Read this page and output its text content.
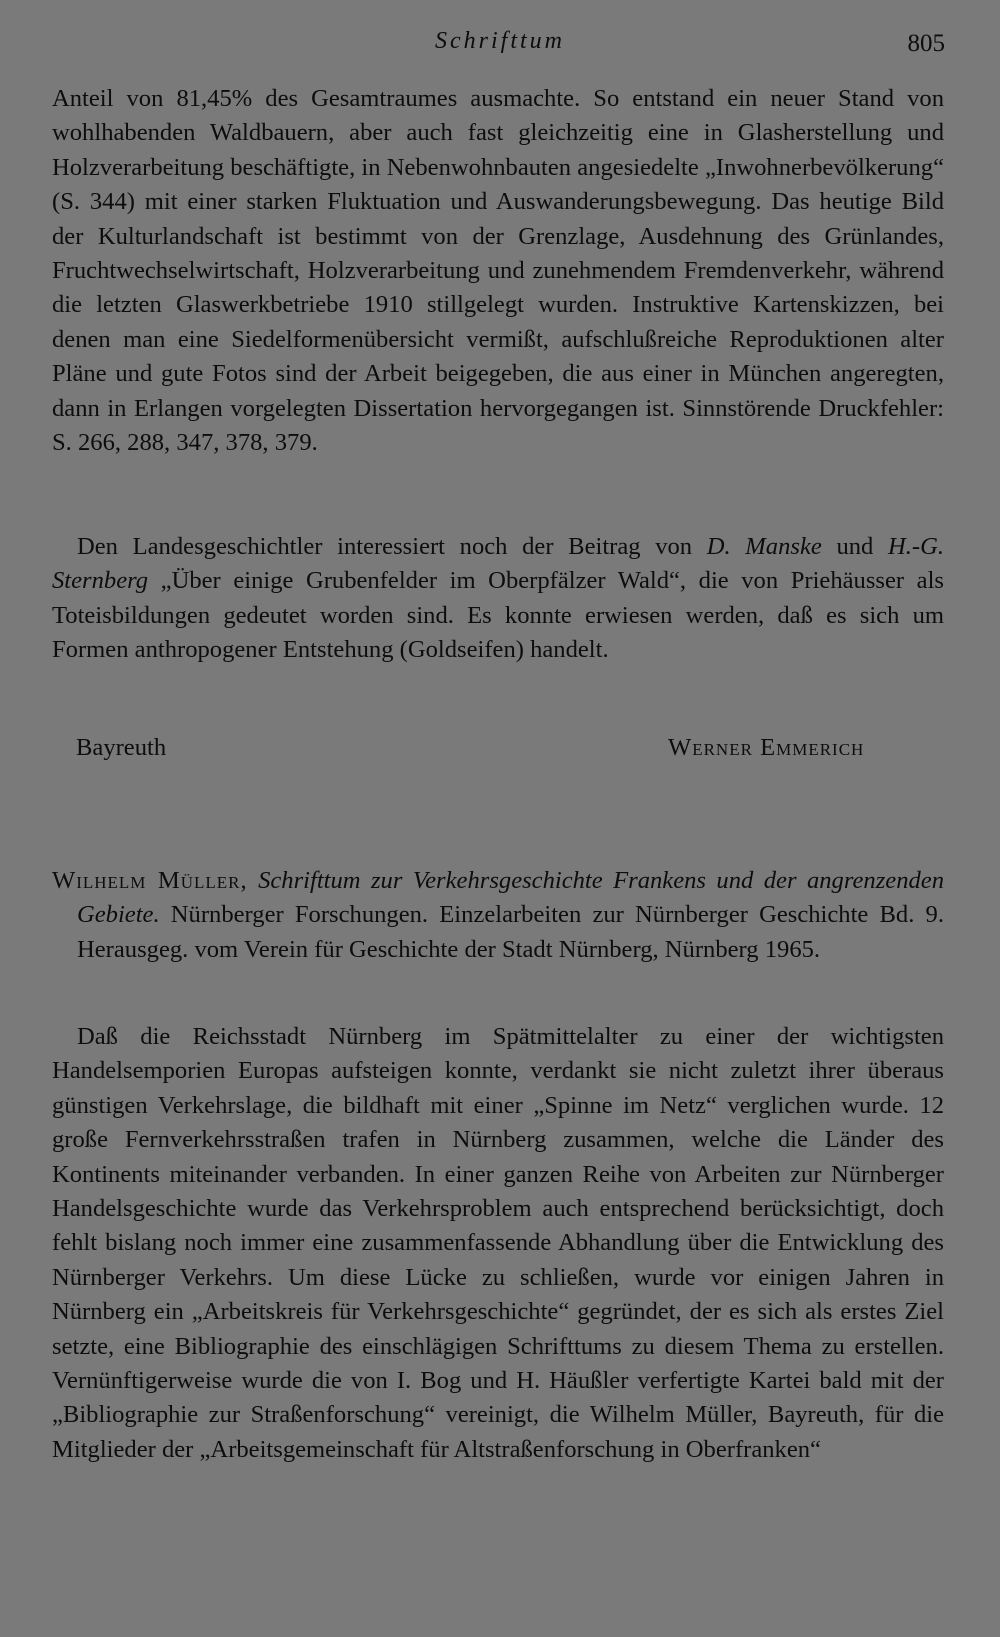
Schrifttum	805

Anteil von 81,45% des Gesamtraumes ausmachte. So entstand ein neuer Stand von wohlhabenden Waldbauern, aber auch fast gleichzeitig eine in Glasherstellung und Holzverarbeitung beschäftigte, in Nebenwohnbauten angesiedelte „Inwohnerbevölkerung“ (S. 344) mit einer starken Fluktuation und Auswanderungsbewegung. Das heutige Bild der Kulturlandschaft ist bestimmt von der Grenzlage, Ausdehnung des Grünlandes, Fruchtwechselwirtschaft, Holzverarbeitung und zunehmendem Fremdenverkehr, während die letzten Glaswerkbetriebe 1910 stillgelegt wurden. Instruktive Kartenskizzen, bei denen man eine Siedelformenübersicht vermißt, aufschlußreiche Reproduktionen alter Pläne und gute Fotos sind der Arbeit beigegeben, die aus einer in München angeregten, dann in Erlangen vorgelegten Dissertation hervorgegangen ist. Sinnstörende Druckfehler: S. 266, 288, 347, 378, 379.

Den Landesgeschichtler interessiert noch der Beitrag von D. Manske und H.-G. Sternberg „Über einige Grubenfelder im Oberpfälzer Wald“, die von Priehäusser als Toteisbildungen gedeutet worden sind. Es konnte erwiesen werden, daß es sich um Formen anthropogener Entstehung (Goldseifen) handelt.

Bayreuth	Werner Emmerich

Wilhelm Müller, Schrifttum zur Verkehrsgeschichte Frankens und der angrenzenden Gebiete. Nürnberger Forschungen. Einzelarbeiten zur Nürnberger Geschichte Bd. 9. Herausgeg. vom Verein für Geschichte der Stadt Nürnberg, Nürnberg 1965.

Daß die Reichsstadt Nürnberg im Spätmittelalter zu einer der wichtigsten Handelsemporien Europas aufsteigen konnte, verdankt sie nicht zuletzt ihrer überaus günstigen Verkehrslage, die bildhaft mit einer „Spinne im Netz“ verglichen wurde. 12 große Fernverkehrsstraßen trafen in Nürnberg zusammen, welche die Länder des Kontinents miteinander verbanden. In einer ganzen Reihe von Arbeiten zur Nürnberger Handelsgeschichte wurde das Verkehrsproblem auch entsprechend berücksichtigt, doch fehlt bislang noch immer eine zusammenfassende Abhandlung über die Entwicklung des Nürnberger Verkehrs. Um diese Lücke zu schließen, wurde vor einigen Jahren in Nürnberg ein „Arbeitskreis für Verkehrsgeschichte“ gegründet, der es sich als erstes Ziel setzte, eine Bibliographie des einschlägigen Schrifttums zu diesem Thema zu erstellen. Vernünftigerweise wurde die von I. Bog und H. Häußler verfertigte Kartei bald mit der „Bibliographie zur Straßenforschung“ vereinigt, die Wilhelm Müller, Bayreuth, für die Mitglieder der „Arbeitsgemeinschaft für Altstraßenforschung in Oberfranken“
